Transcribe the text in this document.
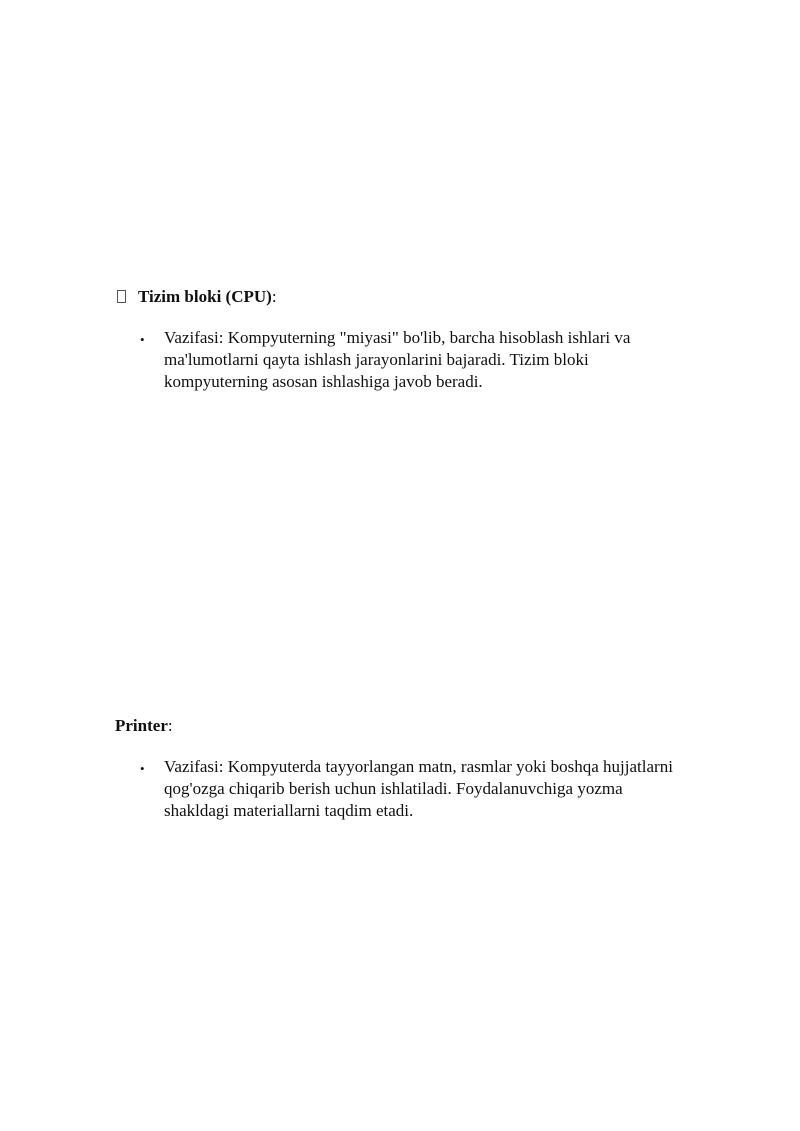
Tizim bloki (CPU):
• Vazifasi: Kompyuterning "miyasi" bo'lib, barcha hisoblash ishlari va
ma'lumotlarni qayta ishlash jarayonlarini bajaradi. Tizim bloki
kompyuterning asosan ishlashiga javob beradi.
Printer:
• Vazifasi: Kompyuterda tayyorlangan matn, rasmlar yoki boshqa hujjatlarni
qog'ozga chiqarib berish uchun ishlatiladi. Foydalanuvchiga yozma
shakldagi materiallarni taqdim etadi.
